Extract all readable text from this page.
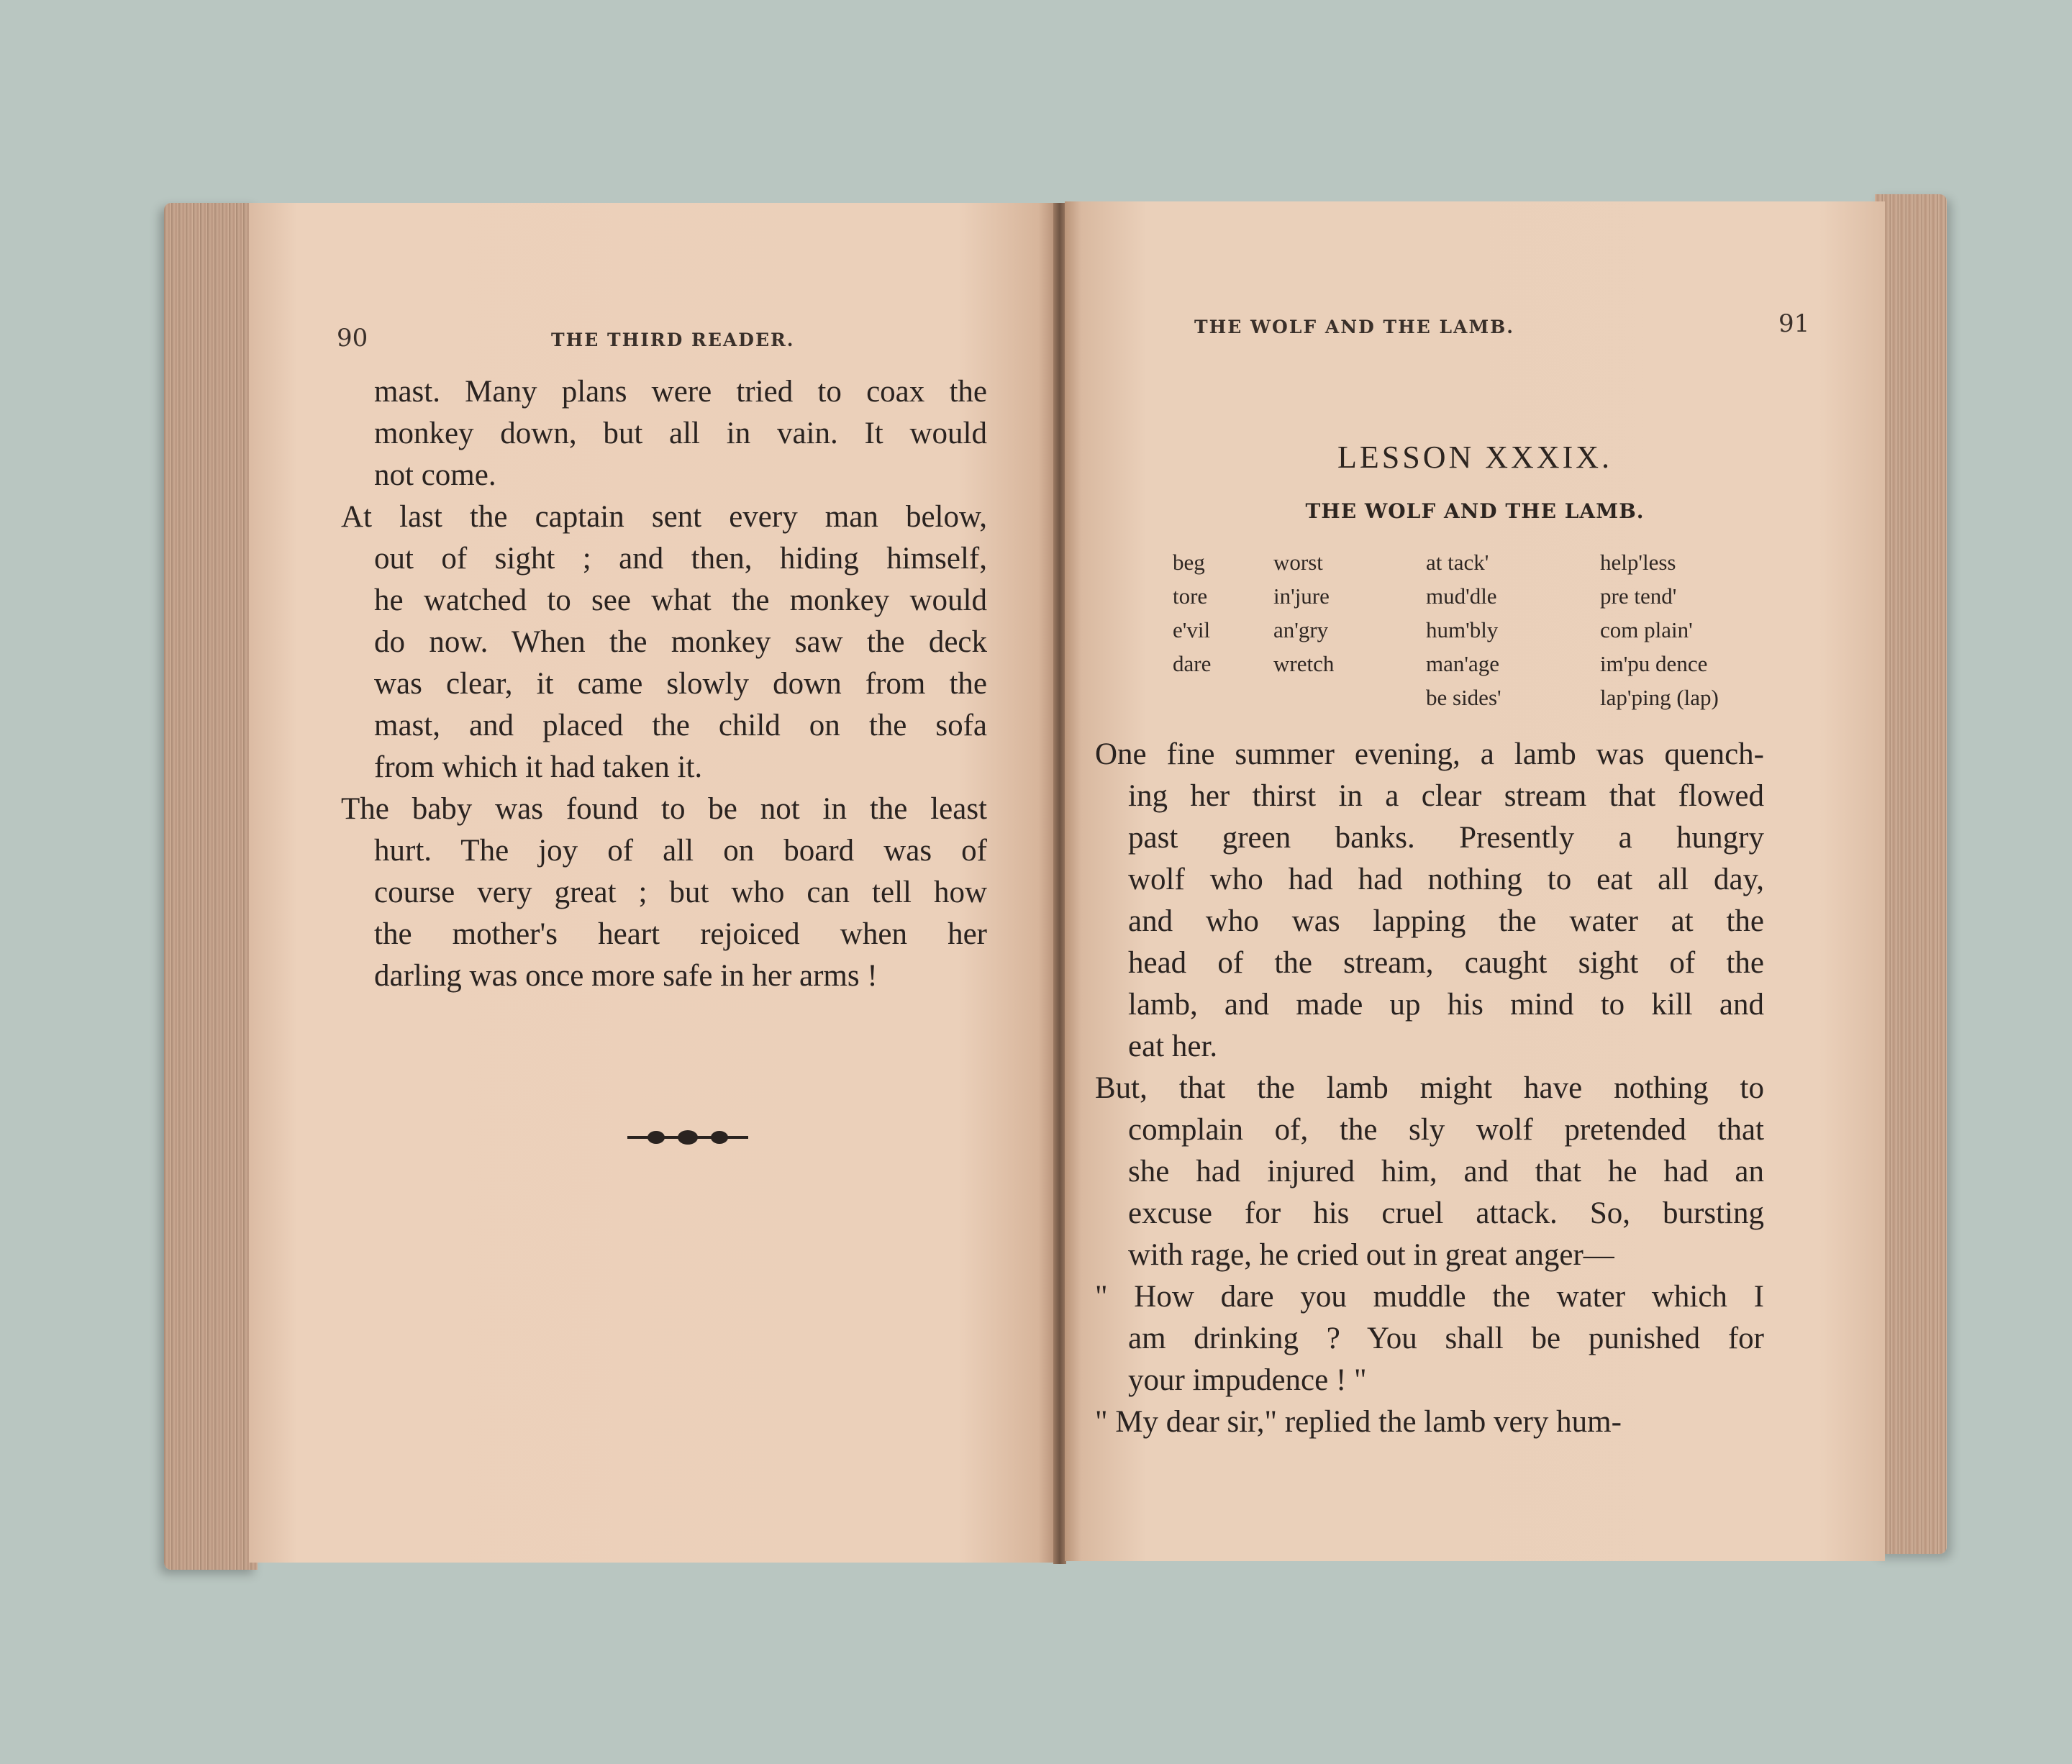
90	THE THIRD READER.
mast. Many plans were tried to coax the
monkey down, but all in vain. It would
not come.
At last the captain sent every man below,
out of sight ; and then, hiding himself,
he watched to see what the monkey would
do now. When the monkey saw the deck
was clear, it came slowly down from the
mast, and placed the child on the sofa
from which it had taken it.
The baby was found to be not in the least
hurt. The joy of all on board was of
course very great ; but who can tell how
the mother's heart rejoiced when her
darling was once more safe in her arms !
THE WOLF AND THE LAMB.	91
LESSON XXXIX.
THE WOLF AND THE LAMB.
beg
tore
e'vil
dare
worst
in'jure
an'gry
wretch
at tack'
mud'dle
hum'bly
man'age
be sides'
help'less
pre tend'
com plain'
im'pu dence
lap'ping (lap)
One fine summer evening, a lamb was quench-
ing her thirst in a clear stream that flowed
past green banks. Presently a hungry
wolf who had had nothing to eat all day,
and who was lapping the water at the
head of the stream, caught sight of the
lamb, and made up his mind to kill and
eat her.
But, that the lamb might have nothing to
complain of, the sly wolf pretended that
she had injured him, and that he had an
excuse for his cruel attack. So, bursting
with rage, he cried out in great anger—
" How dare you muddle the water which I
am drinking ? You shall be punished for
your impudence ! "
" My dear sir," replied the lamb very hum-
